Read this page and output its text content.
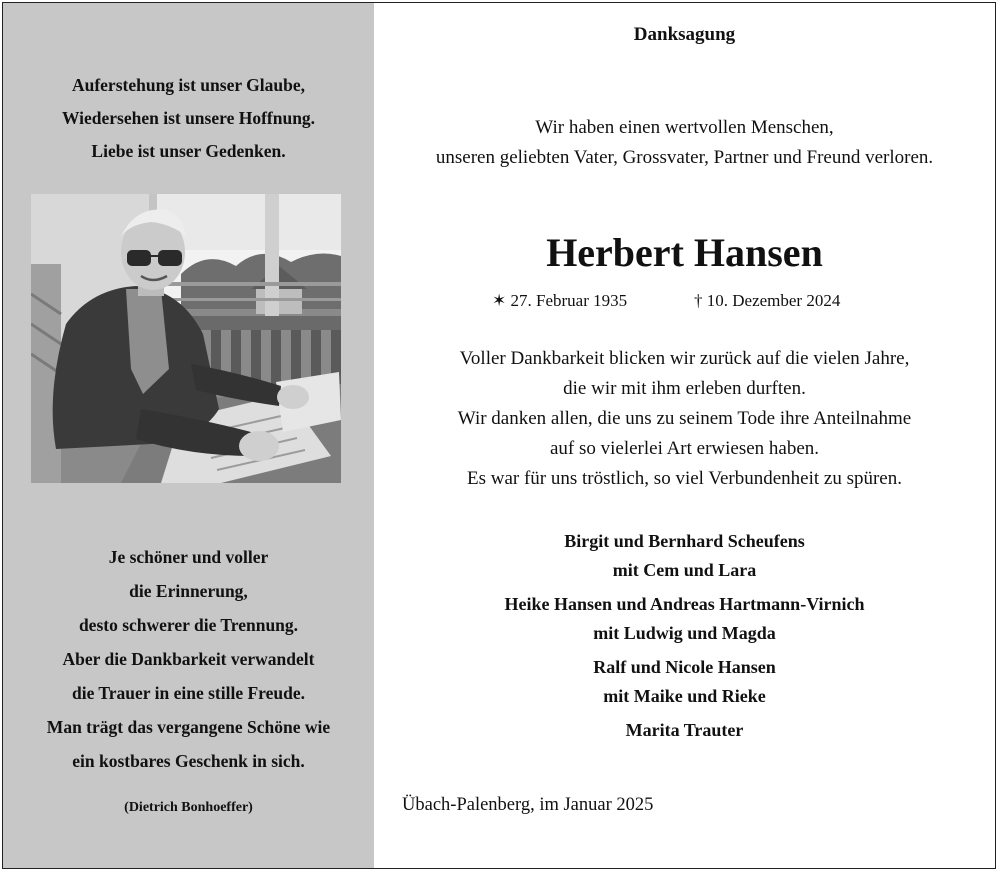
Auferstehung ist unser Glaube,
Wiedersehen ist unsere Hoffnung.
Liebe ist unser Gedenken.
Je schöner und voller
die Erinnerung,
desto schwerer die Trennung.
Aber die Dankbarkeit verwandelt
die Trauer in eine stille Freude.
Man trägt das vergangene Schöne wie
ein kostbares Geschenk in sich.
(Dietrich Bonhoeffer)
Danksagung
Wir haben einen wertvollen Menschen,
unseren geliebten Vater, Grossvater, Partner und Freund verloren.
Herbert Hansen
✶ 27. Februar 1935	† 10. Dezember 2024
Voller Dankbarkeit blicken wir zurück auf die vielen Jahre,
die wir mit ihm erleben durften.
Wir danken allen, die uns zu seinem Tode ihre Anteilnahme
auf so vielerlei Art erwiesen haben.
Es war für uns tröstlich, so viel Verbundenheit zu spüren.
Birgit und Bernhard Scheufens
mit Cem und Lara
Heike Hansen und Andreas Hartmann-Virnich
mit Ludwig und Magda
Ralf und Nicole Hansen
mit Maike und Rieke
Marita Trauter
Übach-Palenberg, im Januar 2025
